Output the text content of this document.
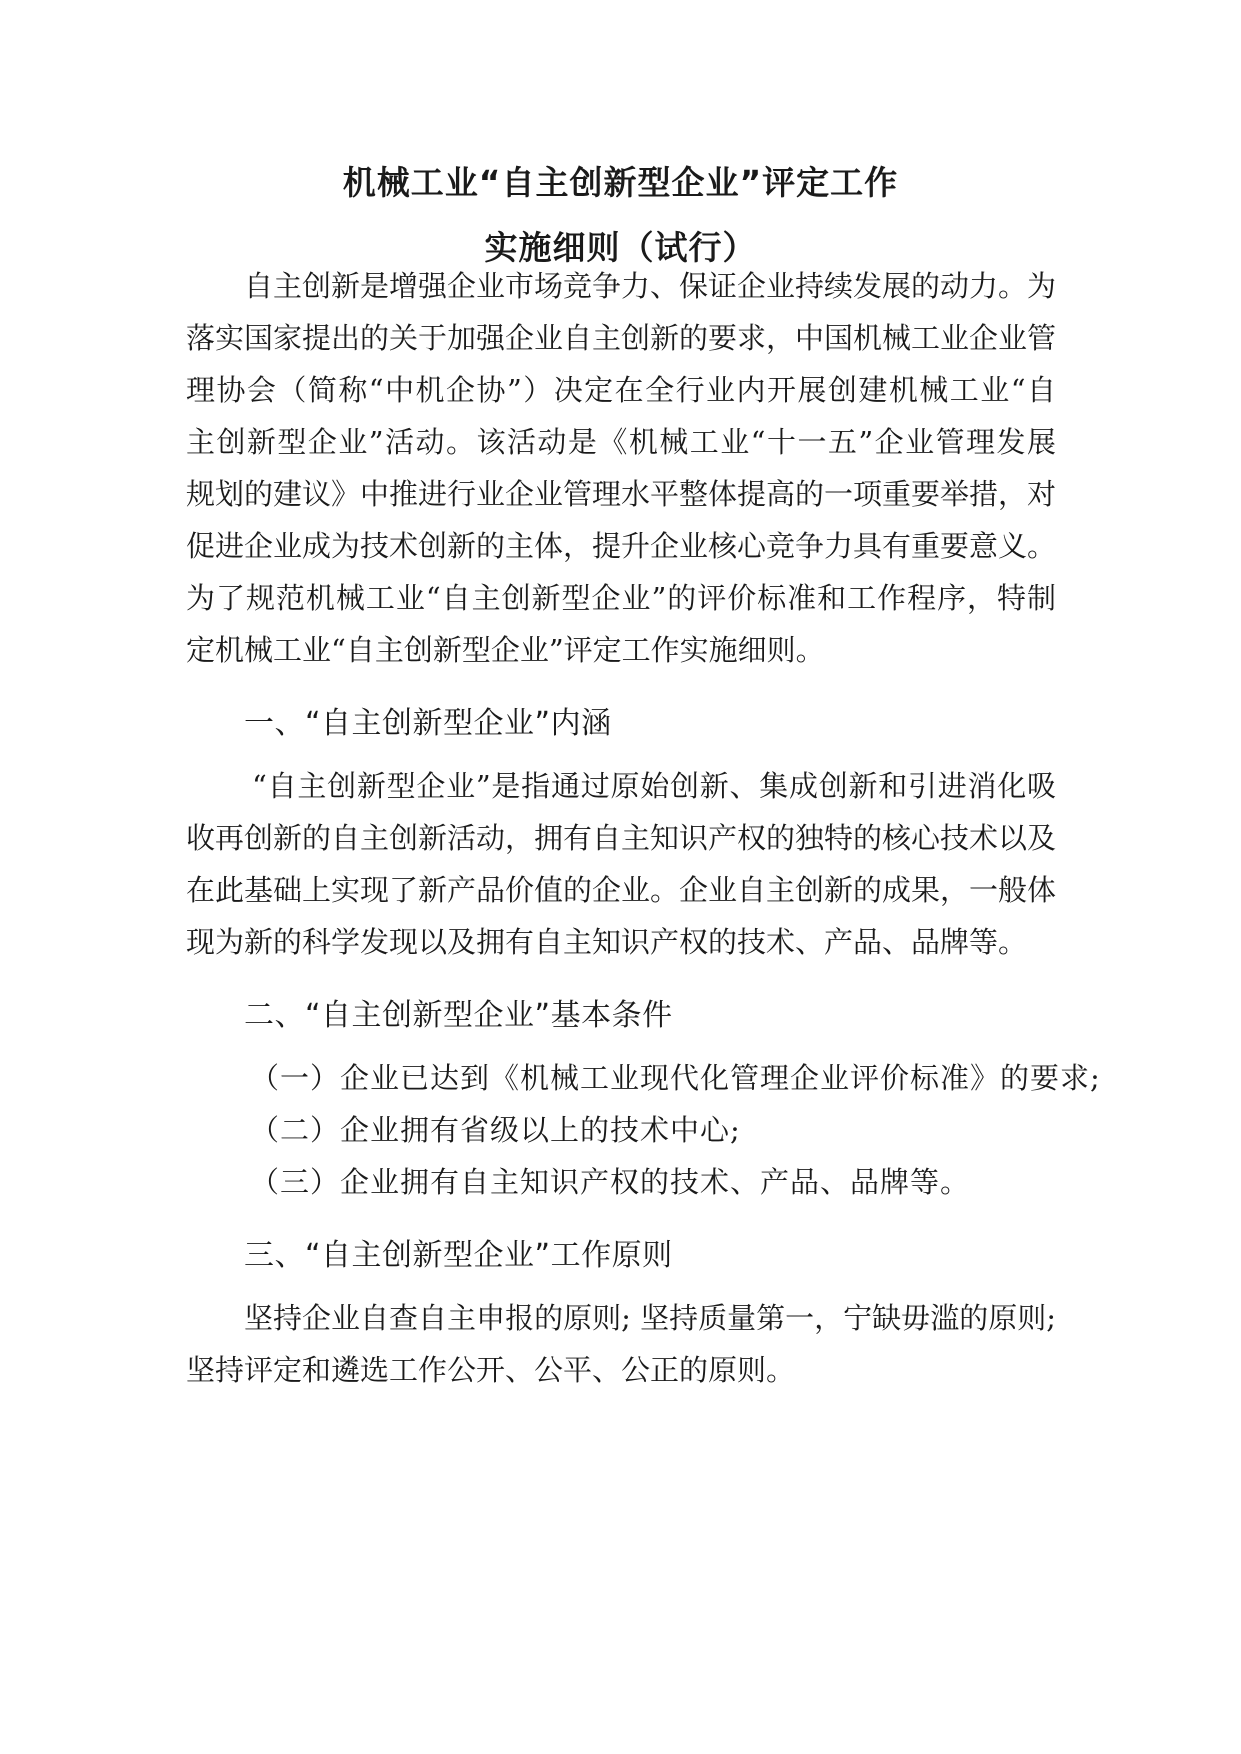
机械工业“自主创新型企业”评定工作
实施细则（试行）
自主创新是增强企业市场竞争力、保证企业持续发展的动力。为
落实国家提出的关于加强企业自主创新的要求，中国机械工业企业管
理协会（简称“中机企协”）决定在全行业内开展创建机械工业“自
主创新型企业”活动。该活动是《机械工业“十一五”企业管理发展
规划的建议》中推进行业企业管理水平整体提高的一项重要举措，对
促进企业成为技术创新的主体，提升企业核心竞争力具有重要意义。
为了规范机械工业“自主创新型企业”的评价标准和工作程序，特制
定机械工业“自主创新型企业”评定工作实施细则。
一、“自主创新型企业”内涵
“自主创新型企业”是指通过原始创新、集成创新和引进消化吸
收再创新的自主创新活动，拥有自主知识产权的独特的核心技术以及
在此基础上实现了新产品价值的企业。企业自主创新的成果，一般体
现为新的科学发现以及拥有自主知识产权的技术、产品、品牌等。
二、“自主创新型企业”基本条件
（一）企业已达到《机械工业现代化管理企业评价标准》的要求;
（二）企业拥有省级以上的技术中心;
（三）企业拥有自主知识产权的技术、产品、品牌等。
三、“自主创新型企业”工作原则
坚持企业自查自主申报的原则; 坚持质量第一，宁缺毋滥的原则;
坚持评定和遴选工作公开、公平、公正的原则。
